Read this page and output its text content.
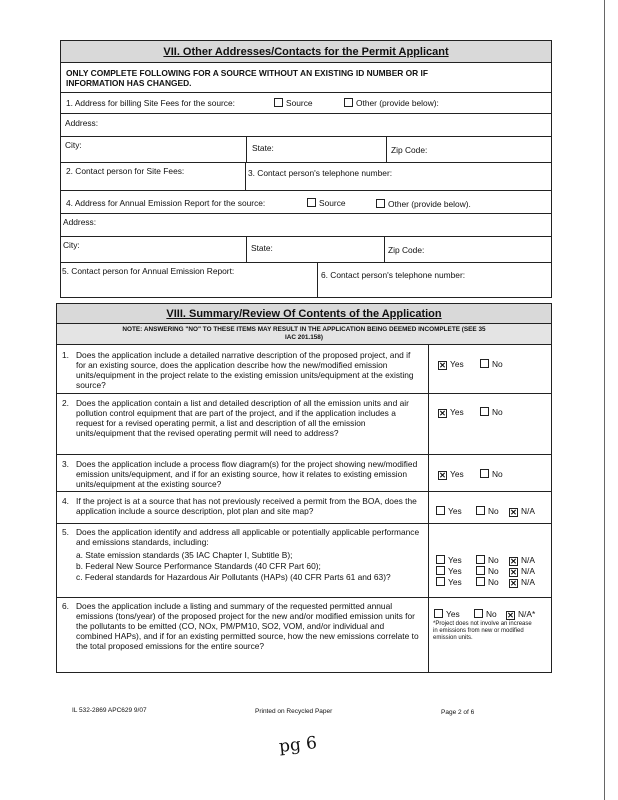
VII. Other Addresses/Contacts for the Permit Applicant
ONLY COMPLETE FOLLOWING FOR A SOURCE WITHOUT AN EXISTING ID NUMBER OR IF INFORMATION HAS CHANGED.
1. Address for billing Site Fees for the source:	Source	Other (provide below):
Address:
City:	State:	Zip Code:
2. Contact person for Site Fees:	3. Contact person's telephone number:
4. Address for Annual Emission Report for the source:	Source	Other (provide below).
Address:
City:	State:	Zip Code:
5. Contact person for Annual Emission Report:	6. Contact person's telephone number:
VIII. Summary/Review Of Contents of the Application
NOTE: ANSWERING "NO" TO THESE ITEMS MAY RESULT IN THE APPLICATION BEING DEEMED INCOMPLETE (SEE 35 IAC 201.158)
1. Does the application include a detailed narrative description of the proposed project, and if for an existing source, does the application describe how the new/modified emission units/equipment in the project relate to the existing emission units/equipment at the existing source?
✕ Yes	No
2. Does the application contain a list and detailed description of all the emission units and air pollution control equipment that are part of the project, and if the application includes a request for a revised operating permit, a list and description of all the emission units/equipment that the revised operating permit will need to address?
✕ Yes	No
3. Does the application include a process flow diagram(s) for the project showing new/modified emission units/equipment, and if for an existing source, how it relates to existing emission units/equipment at the existing source?
✕ Yes	No
4. If the project is at a source that has not previously received a permit from the BOA, does the application include a source description, plot plan and site map?	Yes	No ✕ N/A
5. Does the application identify and address all applicable or potentially applicable performance and emissions standards, including:
a. State emission standards (35 IAC Chapter I, Subtitle B);
b. Federal New Source Performance Standards (40 CFR Part 60);
c. Federal standards for Hazardous Air Pollutants (HAPs) (40 CFR Parts 61 and 63)?
Yes	No ✕ N/A
Yes	No ✕ N/A
Yes	No ✕ N/A
6. Does the application include a listing and summary of the requested permitted annual emissions (tons/year) of the proposed project for the new and/or modified emission units for the pollutants to be emitted (CO, NOx, PM/PM10, SO2, VOM, and/or individual and combined HAPs), and if for an existing permitted source, how the new emissions correlate to the total proposed emissions for the entire source?
Yes	No ✕ N/A*
*Project does not involve an increase in emissions from new or modified emission units.
IL 532-2869 APC629 9/07	Printed on Recycled Paper	Page 2 of 6
pg 6
